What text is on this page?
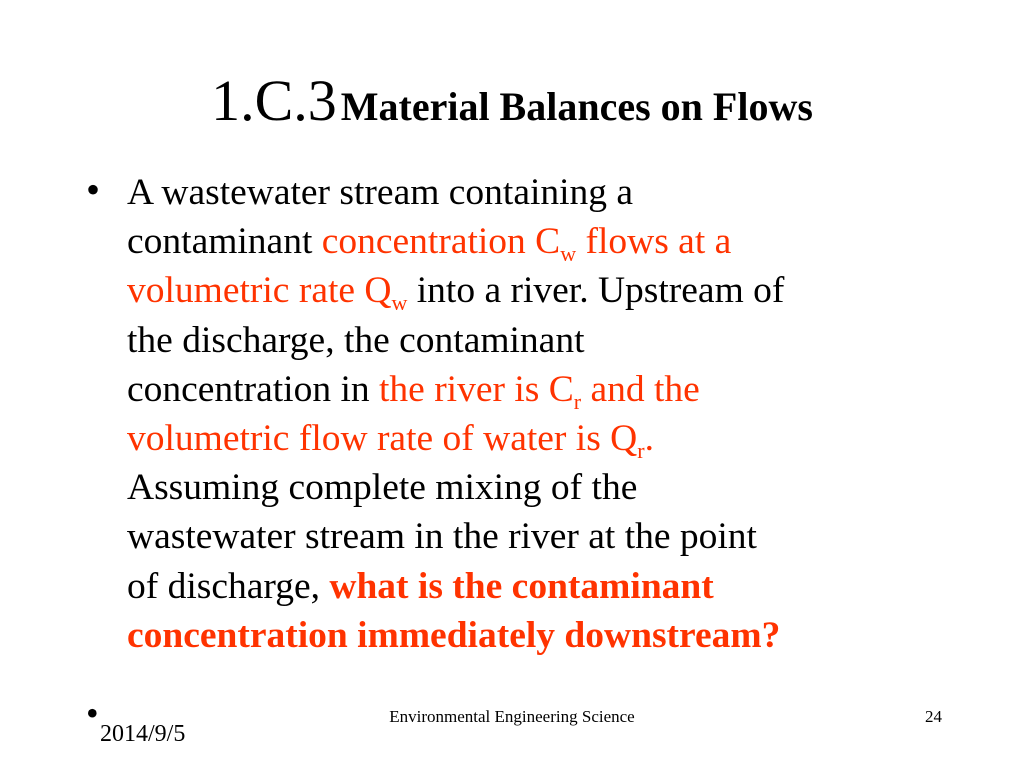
1.C.3 Material Balances on Flows
• A wastewater stream containing a
contaminant concentration $C_w$ flows at a
volumetric rate $Q_w$ into a river. Upstream of
the discharge, the contaminant
concentration in the river is $C_r$ and the
volumetric flow rate of water is $Q_r$.
Assuming complete mixing of the
wastewater stream in the river at the point
of discharge, what is the contaminant
concentration immediately downstream?
•
2014/9/5
Environmental Engineering Science	24
